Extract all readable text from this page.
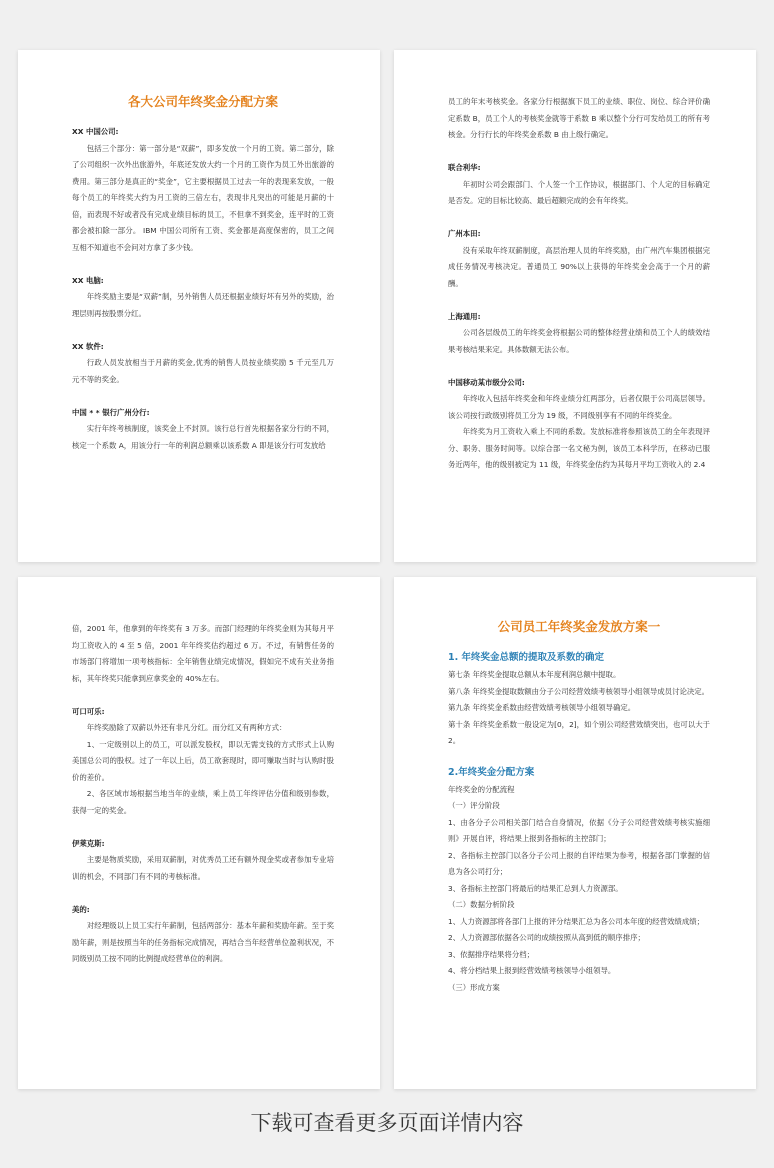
各大公司年终奖金分配方案
XX 中国公司:
包括三个部分：第一部分是“双薪”，即多发放一个月的工资。第二部分，除了公司组织一次外出旅游外，年底还发放大约一个月的工资作为员工外出旅游的费用。第三部分是真正的“奖金”，它主要根据员工过去一年的表现来发放，一般每个员工的年终奖大约为月工资的三倍左右，表现非凡突出的可能是月薪的十倍，而表现不好或者没有完成业绩目标的员工，不但拿不到奖金，连平时的工资都会被扣除一部分。 IBM 中国公司所有工资、奖金都是高度保密的，员工之间互相不知道也不会问对方拿了多少钱。
XX 电脑:
年终奖励主要是“双薪”制，另外销售人员还根据业绩好坏有另外的奖励，治理层则再按股票分红。
XX 软件:
行政人员发放相当于月薪的奖金,优秀的销售人员按业绩奖励 5 千元至几万元不等的奖金。
中国 * * 银行广州分行:
实行年终考核制度，该奖金上不封顶。该行总行首先根据各家分行的不同，核定一个系数 A，用该分行一年的利润总额乘以该系数 A 即是该分行可发放给
员工的年末考核奖金。各家分行根据旗下员工的业绩、职位、岗位、综合评价确定系数 B，员工个人的考核奖金就等于系数 B 乘以整个分行可发给员工的所有考核金。分行行长的年终奖金系数 B 由上级行确定。
联合利华:
年初时公司会跟部门、个人签一个工作协议，根据部门、个人定的目标确定是否发。定的目标比较高、最后超额完成的会有年终奖。
广州本田:
没有采取年终双薪制度，高层治理人员的年终奖励，由广州汽车集团根据完成任务情况考核决定。普通员工 90%以上获得的年终奖金会高于一个月的薪酬。
上海通用:
公司各层级员工的年终奖金将根据公司的整体经营业绩和员工个人的绩效结果考核结果来定。具体数额无法公布。
中国移动某市级分公司:
年终收入包括年终奖金和年终业绩分红两部分，后者仅限于公司高层领导。该公司按行政级别将员工分为 19 级，不同级别享有不同的年终奖金。
年终奖为月工资收入乘上不同的系数。发放标准将参照该员工的全年表现评分、职务、服务时间等。以综合部一名文秘为例，该员工本科学历，在移动已服务近两年，他的级别被定为 11 级，年终奖金估约为其每月平均工资收入的 2.4
倍，2001 年，他拿到的年终奖有 3 万多。而部门经理的年终奖金则为其每月平均工资收入的 4 至 5 倍，2001 年年终奖估约超过 6 万。不过，有销售任务的市场部门将增加一项考核指标：全年销售业绩完成情况，假如完不成有关业务指标，其年终奖只能拿到应拿奖金的 40%左右。
可口可乐:
年终奖励除了双薪以外还有非凡分红。而分红又有两种方式：
1、一定级别以上的员工，可以派发股权，即以无需支钱的方式形式上认购美国总公司的股权。过了一年以上后，员工欲套现时，即可赚取当时与认购时股价的差价。
2、各区域市场根据当地当年的业绩，乘上员工年终评估分值和级别参数，获得一定的奖金。
伊莱克斯:
主要是物质奖励，采用双薪制，对优秀员工还有额外现金奖或者参加专业培训的机会，不同部门有不同的考核标准。
美的:
对经理级以上员工实行年薪制，包括两部分：基本年薪和奖励年薪。至于奖励年薪，则是按照当年的任务指标完成情况，再结合当年经营单位盈利状况，不同级别员工按不同的比例提成经营单位的利润。
公司员工年终奖金发放方案一
1. 年终奖金总额的提取及系数的确定
第七条 年终奖金提取总额从本年度利润总额中提取。
第八条 年终奖金提取数额由分子公司经营效绩考核领导小组领导成员讨论决定。
第九条 年终奖金系数由经营效绩考核领导小组领导确定。
第十条 年终奖金系数一般设定为[0，2]，如个别公司经营效绩突出，也可以大于 2。
2.年终奖金分配方案
年终奖金的分配流程
（一）评分阶段
1、由各分子公司相关部门结合自身情况，依据《分子公司经营效绩考核实施细则》开展自评，将结果上报到各指标的主控部门；
2、各指标主控部门以各分子公司上报的自评结果为参考，根据各部门掌握的信息为各公司打分；
3、各指标主控部门将最后的结果汇总到人力资源部。
（二）数据分析阶段
1、人力资源部将各部门上报的评分结果汇总为各公司本年度的经营效绩成绩；
2、人力资源部依据各公司的成绩按照从高到低的顺序排序；
3、依据排序结果将分档；
4、将分档结果上报到经营效绩考核领导小组领导。
（三）形成方案
下载可查看更多页面详情内容
